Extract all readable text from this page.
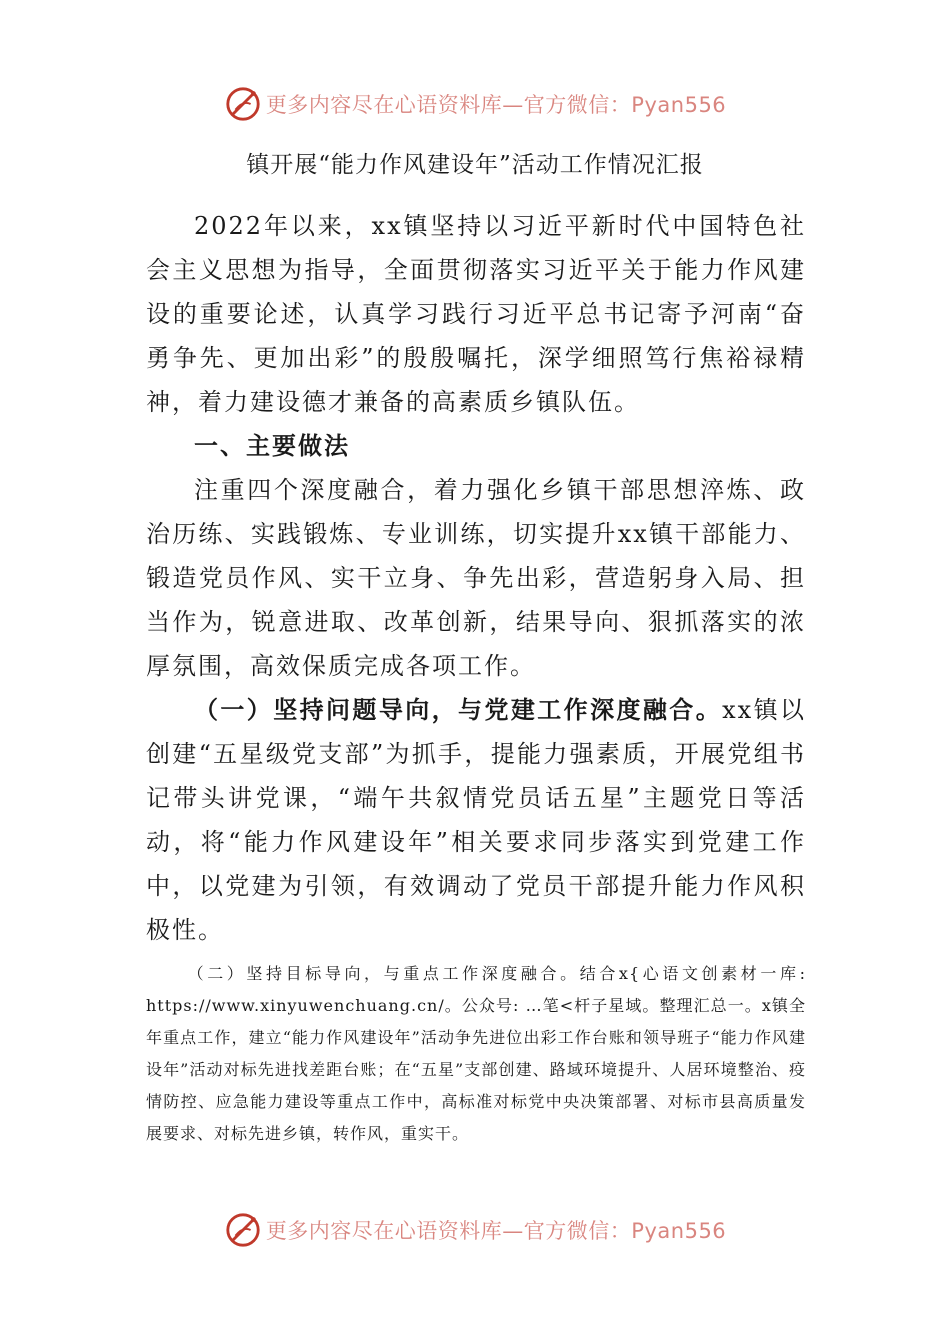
更多内容尽在心语资料库—官方微信：Pyan556
镇开展“能力作风建设年”活动工作情况汇报

2022年以来，xx镇坚持以习近平新时代中国特色社会主义思想为指导，全面贯彻落实习近平关于能力作风建设的重要论述，认真学习践行习近平总书记寄予河南“奋勇争先、更加出彩”的殷殷嘱托，深学细照笃行焦裕禄精神，着力建设德才兼备的高素质乡镇队伍。

一、主要做法

注重四个深度融合，着力强化乡镇干部思想淬炼、政治历练、实践锻炼、专业训练，切实提升xx镇干部能力、锻造党员作风、实干立身、争先出彩，营造躬身入局、担当作为，锐意进取、改革创新，结果导向、狠抓落实的浓厚氛围，高效保质完成各项工作。

（一）坚持问题导向，与党建工作深度融合。xx镇以创建“五星级党支部”为抓手，提能力强素质，开展党组书记带头讲党课，“端午共叙情党员话五星”主题党日等活动，将“能力作风建设年”相关要求同步落实到党建工作中，以党建为引领，有效调动了党员干部提升能力作风积极性。

（二）坚持目标导向，与重点工作深度融合。结合x{心语文创素材一库: https://www.xinyuwenchuang.cn/。公众号: …笔<杆子星域。整理汇总一。x镇全年重点工作，建立“能力作风建设年”活动争先进位出彩工作台账和领导班子“能力作风建设年”活动对标先进找差距台账；在“五星”支部创建、路域环境提升、人居环境整治、疫情防控、应急能力建设等重点工作中，高标准对标党中央决策部署、对标市县高质量发展要求、对标先进乡镇，转作风，重实干。

更多内容尽在心语资料库—官方微信：Pyan556
